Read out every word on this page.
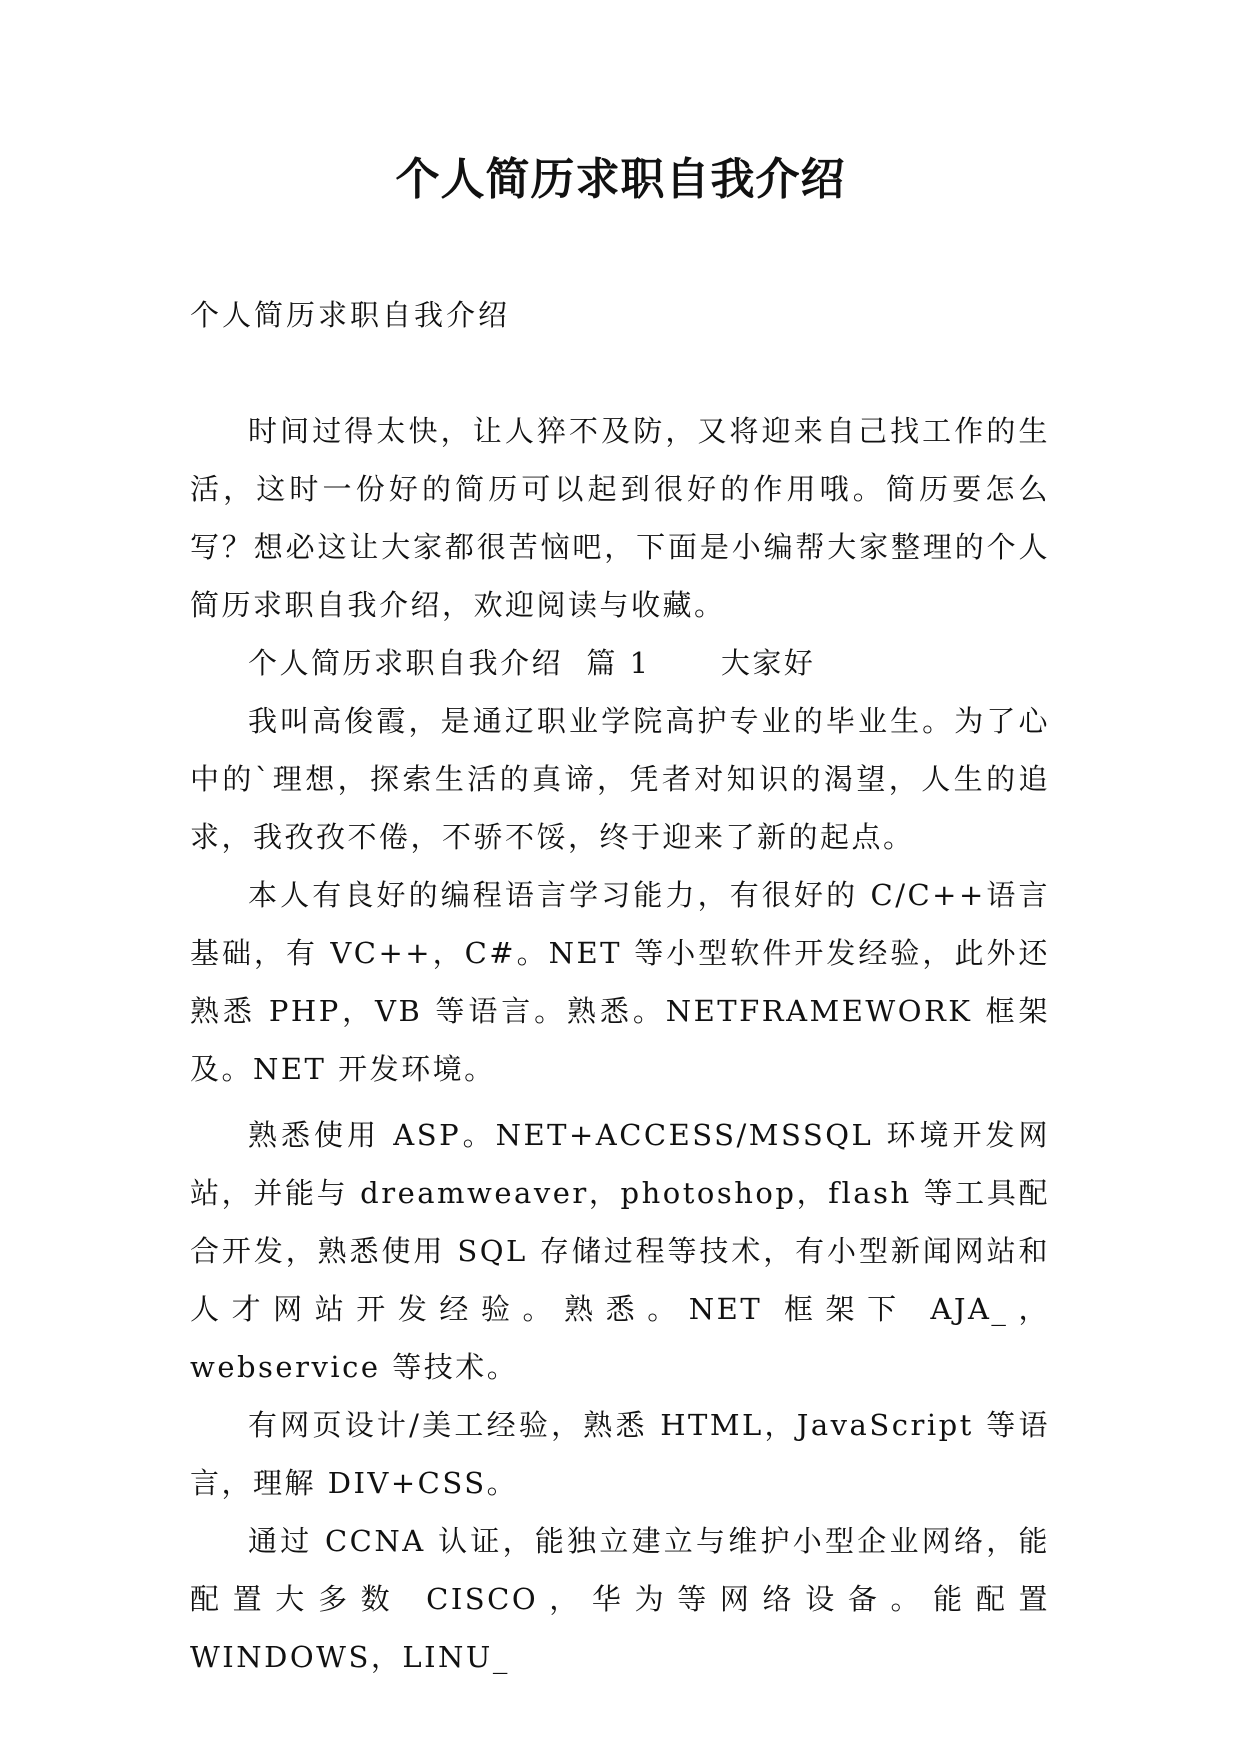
个人简历求职自我介绍
个人简历求职自我介绍

时间过得太快，让人猝不及防，又将迎来自己找工作的生活，这时一份好的简历可以起到很好的作用哦。简历要怎么写？想必这让大家都很苦恼吧，下面是小编帮大家整理的个人简历求职自我介绍，欢迎阅读与收藏。

个人简历求职自我介绍  篇 1      大家好

我叫高俊霞，是通辽职业学院高护专业的毕业生。为了心中的`理想，探索生活的真谛，凭者对知识的渴望，人生的追求，我孜孜不倦，不骄不馁，终于迎来了新的起点。

本人有良好的编程语言学习能力，有很好的 C/C++语言基础，有 VC++，C#。NET 等小型软件开发经验，此外还熟悉 PHP，VB 等语言。熟悉。NETFRAMEWORK 框架及。NET 开发环境。

熟悉使用 ASP。NET+ACCESS/MSSQL 环境开发网站，并能与 dreamweaver，photoshop，flash 等工具配合开发，熟悉使用 SQL 存储过程等技术，有小型新闻网站和人才网站开发经验。熟悉。NET 框架下 AJA_，webservice 等技术。

有网页设计/美工经验，熟悉 HTML，JavaScript 等语言，理解 DIV+CSS。

通过 CCNA 认证，能独立建立与维护小型企业网络，能配置大多数 CISCO，华为等网络设备。能配置 WINDOWS，LINU_
